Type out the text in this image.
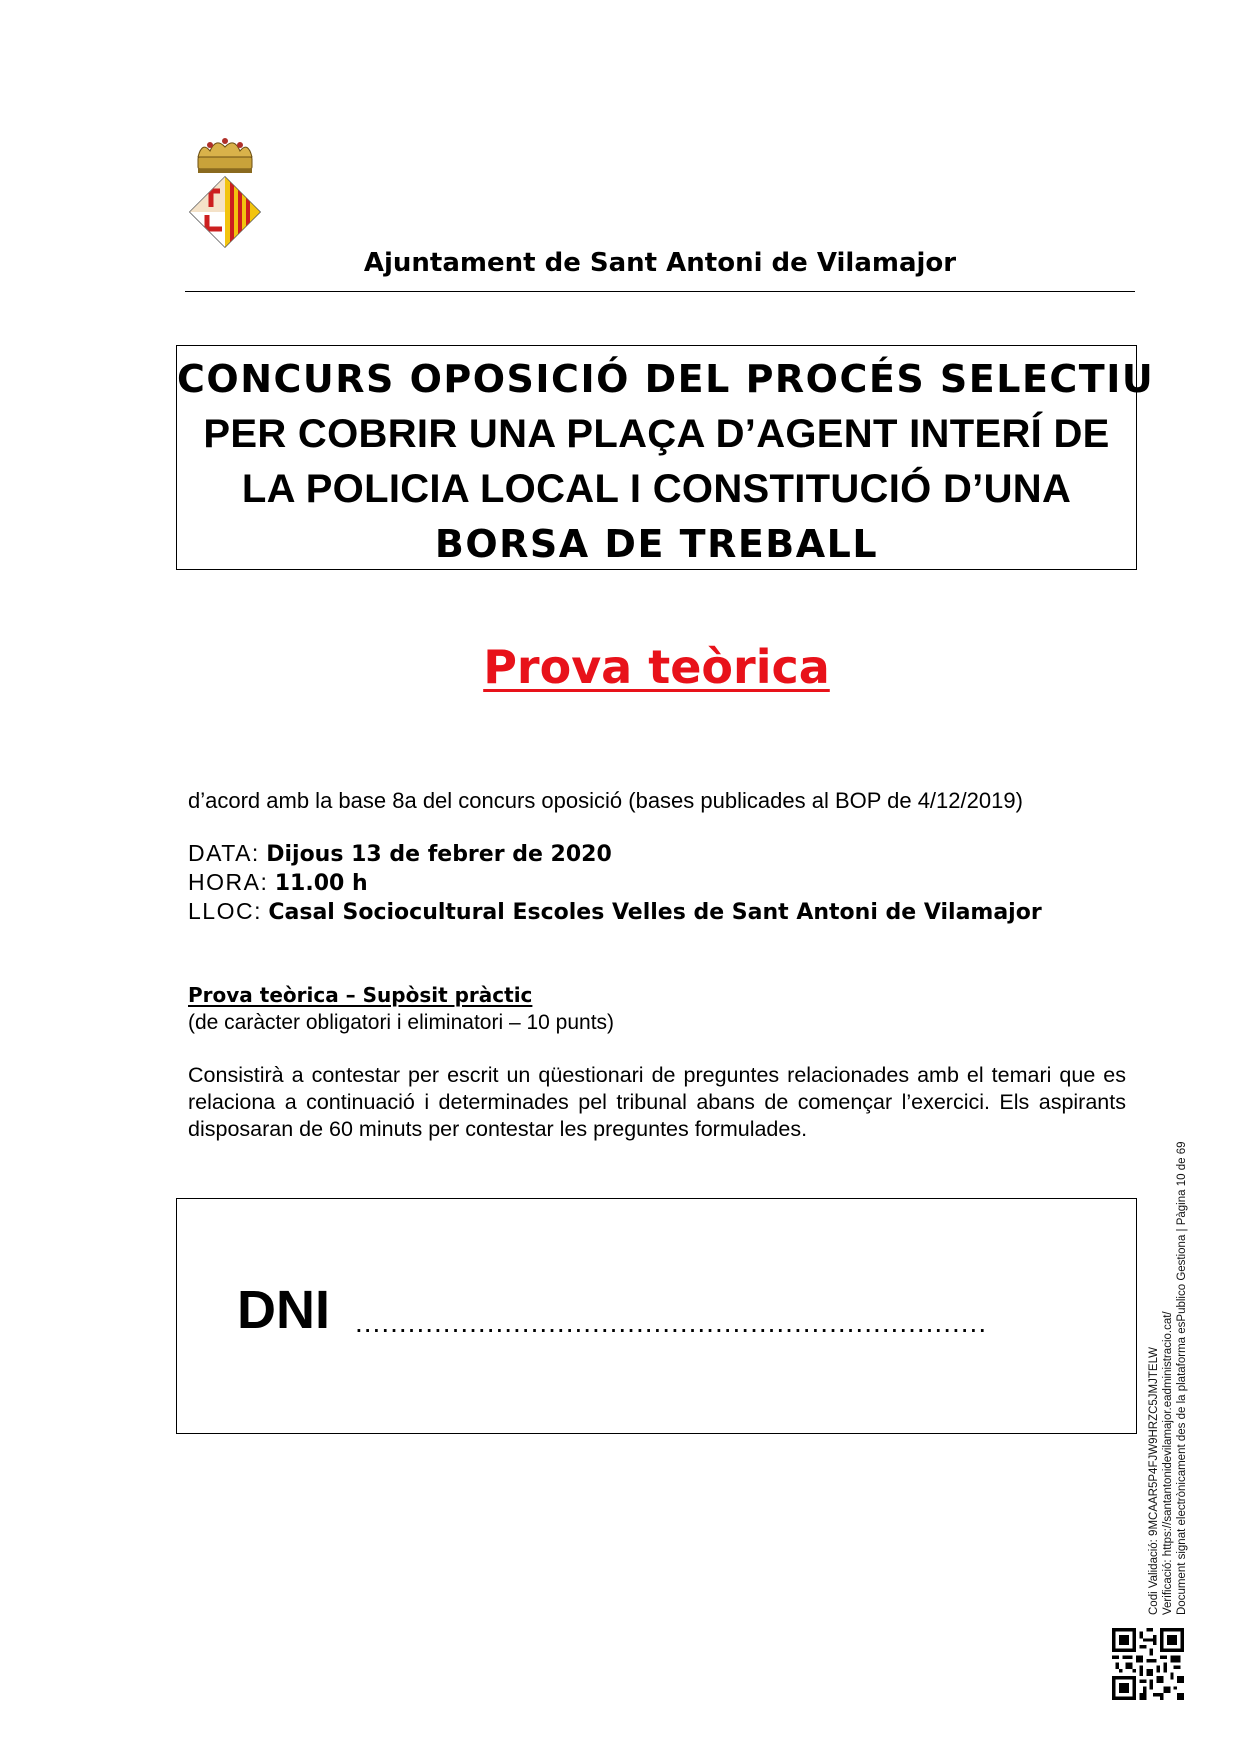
Ajuntament de Sant Antoni de Vilamajor
CONCURS OPOSICIÓ DEL PROCÉS SELECTIU
PER COBRIR UNA PLAÇA D’AGENT INTERÍ DE
LA POLICIA LOCAL I CONSTITUCIÓ D’UNA
BORSA DE TREBALL
Prova teòrica
d’acord amb la base 8a del concurs oposició (bases publicades al BOP de 4/12/2019)
DATA: Dijous 13 de febrer de 2020
HORA: 11.00 h
LLOC: Casal Sociocultural Escoles Velles de Sant Antoni de Vilamajor
Prova teòrica – Supòsit pràctic
(de caràcter obligatori i eliminatori – 10 punts)
Consistirà a contestar per escrit un qüestionari de preguntes relacionades amb el temari que es relaciona a continuació i determinades pel tribunal abans de començar l’exercici. Els aspirants disposaran de 60 minuts per contestar les preguntes formulades.
DNI ........................................................................
Codi Validació: 9MCAAR5P4FJW9HRZC5JMJTELW Verificació: https://santantonidevilamajor.eadministracio.cat/ Document signat electrònicament des de la plataforma esPublico Gestiona | Pàgina 10 de 69
